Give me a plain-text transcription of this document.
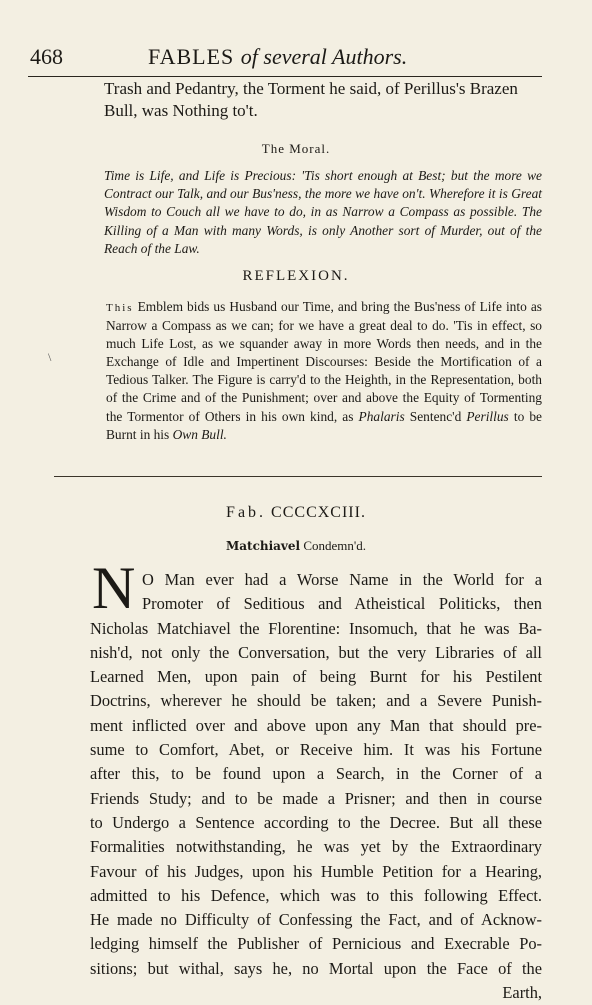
468	FABLES of several Authors.
Trash and Pedantry, the Torment he said, of Perillus's Brazen
Bull, was Nothing to't.
The Moral.
Time is Life, and Life is Precious: 'Tis short enough at Best; but the more we Contract our Talk, and our Bus'ness, the more we have on't. Wherefore it is Great Wisdom to Couch all we have to do, in as Narrow a Compass as possible. The Killing of a Man with many Words, is only Another sort of Murder, out of the Reach of the Law.
REFLEXION.
\
This Emblem bids us Husband our Time, and bring the Bus'ness of Life into as Narrow a Compass as we can; for we have a great deal to do. 'Tis in effect, so much Life Lost, as we squander away in more Words then needs, and in the Exchange of Idle and Impertinent Discourses: Beside the Mortification of a Tedious Talker. The Figure is carry'd to the Heighth, in the Representation, both of the Crime and of the Punishment; over and above the Equity of Tormenting the Tormentor of Others in his own kind, as Phalaris Sentenc'd Perillus to be Burnt in his Own Bull.
Fab. CCCCXCIII.
Matchiavel Condemn'd.
N O Man ever had a Worse Name in the World for a
Promoter of Seditious and Atheistical Politicks, then
Nicholas Matchiavel the Florentine: Insomuch, that he was Ba-
nish'd, not only the Conversation, but the very Libraries of all
Learned Men, upon pain of being Burnt for his Pestilent
Doctrins, wherever he should be taken; and a Severe Punish-
ment inflicted over and above upon any Man that should pre-
sume to Comfort, Abet, or Receive him. It was his Fortune
after this, to be found upon a Search, in the Corner of a
Friends Study; and to be made a Prisner; and then in course
to Undergo a Sentence according to the Decree. But all these
Formalities notwithstanding, he was yet by the Extraordinary
Favour of his Judges, upon his Humble Petition for a Hearing,
admitted to his Defence, which was to this following Effect.
He made no Difficulty of Confessing the Fact, and of Acknow-
ledging himself the Publisher of Pernicious and Execrable Po-
sitions; but withal, says he, no Mortal upon the Face of the
Earth,
